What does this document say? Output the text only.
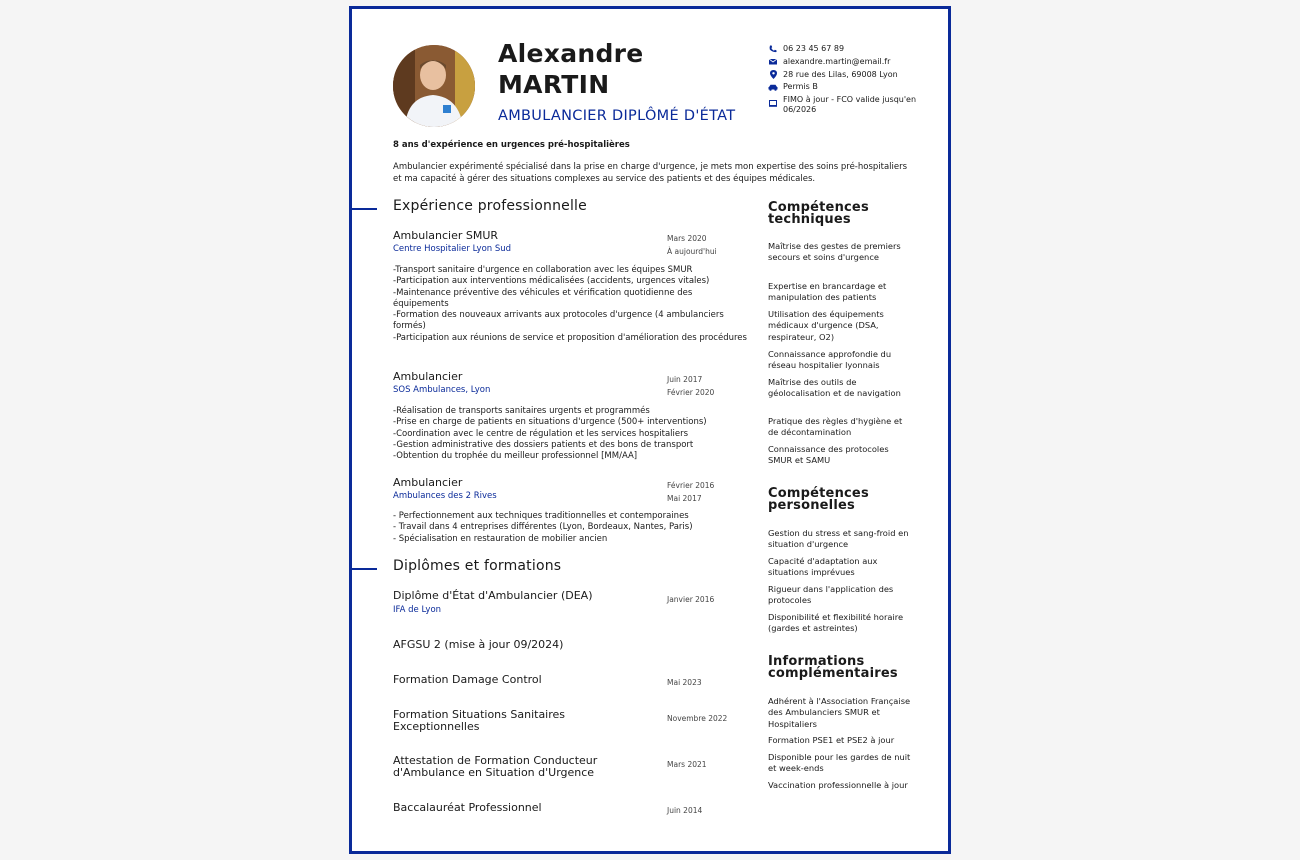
Alexandre
MARTIN
AMBULANCIER DIPLÔMÉ D'ÉTAT
06 23 45 67 89
alexandre.martin@email.fr
28 rue des Lilas, 69008 Lyon
Permis B
FIMO à jour - FCO valide jusqu'en 06/2026
8 ans d'expérience en urgences pré-hospitalières
Ambulancier expérimenté spécialisé dans la prise en charge d'urgence, je mets mon expertise des soins pré-hospitaliers et ma capacité à gérer des situations complexes au service des patients et des équipes médicales.
Expérience professionnelle
Ambulancier SMUR
Centre Hospitalier Lyon Sud
Mars 2020
À aujourd'hui
-Transport sanitaire d'urgence en collaboration avec les équipes SMUR
-Participation aux interventions médicalisées (accidents, urgences vitales)
-Maintenance préventive des véhicules et vérification quotidienne des équipements
-Formation des nouveaux arrivants aux protocoles d'urgence (4 ambulanciers formés)
-Participation aux réunions de service et proposition d'amélioration des procédures
Ambulancier
SOS Ambulances, Lyon
Juin 2017
Février 2020
-Réalisation de transports sanitaires urgents et programmés
-Prise en charge de patients en situations d'urgence (500+ interventions)
-Coordination avec le centre de régulation et les services hospitaliers
-Gestion administrative des dossiers patients et des bons de transport
-Obtention du trophée du meilleur professionnel [MM/AA]
Ambulancier
Ambulances des 2 Rives
Février 2016
Mai 2017
- Perfectionnement aux techniques traditionnelles et contemporaines
- Travail dans 4 entreprises différentes (Lyon, Bordeaux, Nantes, Paris)
- Spécialisation en restauration de mobilier ancien
Diplômes et formations
Diplôme d'État d'Ambulancier (DEA)
IFA de Lyon
Janvier 2016
AFGSU 2 (mise à jour 09/2024)
Formation Damage Control	Mai 2023
Formation Situations Sanitaires Exceptionnelles
Novembre 2022
Attestation de Formation Conducteur d'Ambulance en Situation d'Urgence
Mars 2021
Baccalauréat Professionnel	Juin 2014
Compétences techniques
Maîtrise des gestes de premiers secours et soins d'urgence
Expertise en brancardage et manipulation des patients
Utilisation des équipements médicaux d'urgence (DSA, respirateur, O2)
Connaissance approfondie du réseau hospitalier lyonnais
Maîtrise des outils de géolocalisation et de navigation
Pratique des règles d'hygiène et de décontamination
Connaissance des protocoles SMUR et SAMU
Compétences personelles
Gestion du stress et sang-froid en situation d'urgence
Capacité d'adaptation aux situations imprévues
Rigueur dans l'application des protocoles
Disponibilité et flexibilité horaire (gardes et astreintes)
Informations complémentaires
Adhérent à l'Association Française des Ambulanciers SMUR et Hospitaliers
Formation PSE1 et PSE2 à jour
Disponible pour les gardes de nuit et week-ends
Vaccination professionnelle à jour
